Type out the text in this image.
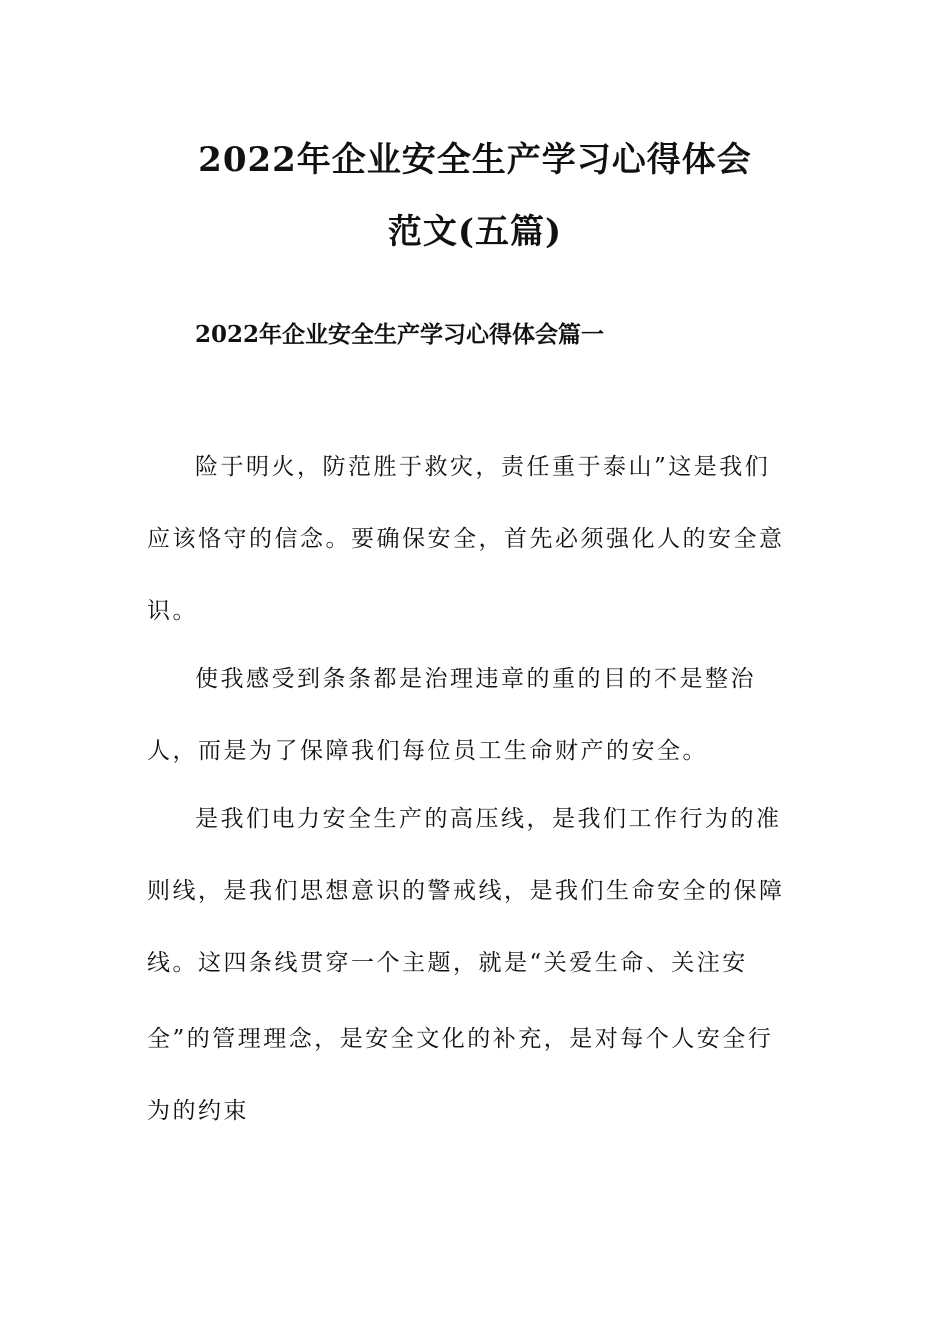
2022年企业安全生产学习心得体会
范文(五篇)
2022年企业安全生产学习心得体会篇一
险于明火，防范胜于救灾，责任重于泰山”这是我们
应该恪守的信念。要确保安全，首先必须强化人的安全意
识。
使我感受到条条都是治理违章的重的目的不是整治
人，而是为了保障我们每位员工生命财产的安全。
是我们电力安全生产的高压线，是我们工作行为的准
则线，是我们思想意识的警戒线，是我们生命安全的保障
线。这四条线贯穿一个主题，就是“关爱生命、关注安
全”的管理理念，是安全文化的补充，是对每个人安全行
为的约束
